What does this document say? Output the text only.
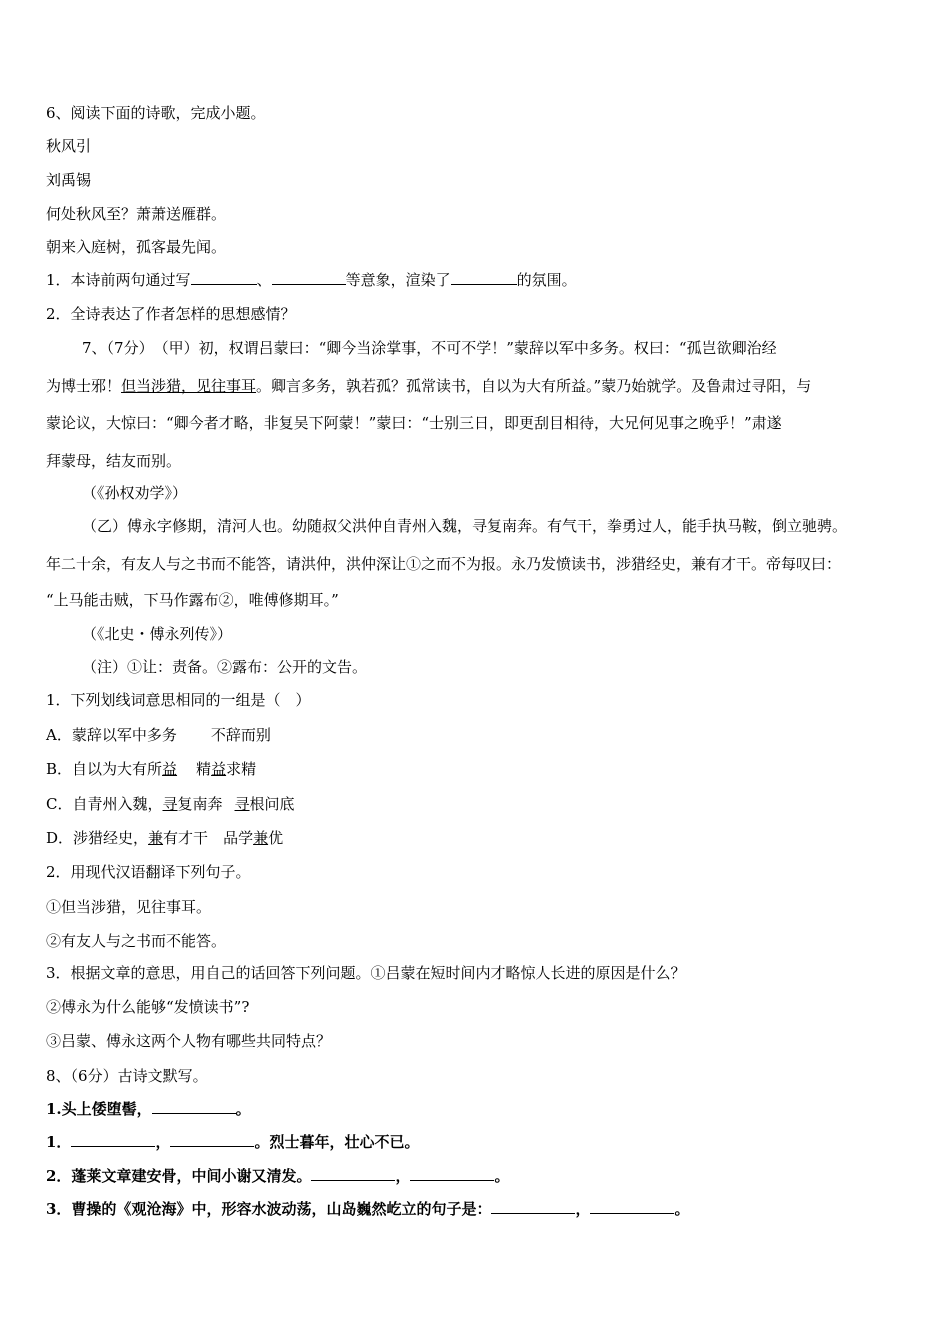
6、阅读下面的诗歌，完成小题。
秋风引
刘禹锡
何处秋风至？萧萧送雁群。
朝来入庭树，孤客最先闻。
1．本诗前两句通过写	、	等意象，渲染了	的氛围。
2．全诗表达了作者怎样的思想感情？
7、（7分）　（甲）初，权谓吕蒙曰：“卿今当涂掌事，不可不学！”蒙辞以军中多务。权曰：“孤岂欲卿治经
为博士邪！但当涉猎，见往事耳。卿言多务，孰若孤？孤常读书，自以为大有所益。”蒙乃始就学。及鲁肃过寻阳，与
蒙论议，大惊曰：“卿今者才略，非复吴下阿蒙！”蒙曰：“士别三日，即更刮目相待，大兄何见事之晚乎！”肃遂
拜蒙母，结友而别。
（《孙权劝学》）
（乙）傅永字修期，清河人也。幼随叔父洪仲自青州入魏，寻复南奔。有气干，拳勇过人，能手执马鞍，倒立驰骋。
年二十余，有友人与之书而不能答，请洪仲，洪仲深让①之而不为报。永乃发愤读书，涉猎经史，兼有才干。帝每叹曰：
“上马能击贼，下马作露布②，唯傅修期耳。”
（《北史・傅永列传》）
（注）①让：责备。②露布：公开的文告。
1．下列划线词意思相同的一组是（　）
A．蒙辞以军中多务 不辞而别
B．自以为大有所益 精益求精
C．自青州入魏，寻复南奔 寻根问底
D．涉猎经史，兼有才干 品学兼优
2．用现代汉语翻译下列句子。
①但当涉猎，见往事耳。
②有友人与之书而不能答。
3．根据文章的意思，用自己的话回答下列问题。①吕蒙在短时间内才略惊人长进的原因是什么？
②傅永为什么能够“发愤读书”?
③吕蒙、傅永这两个人物有哪些共同特点？
8、（6分）古诗文默写。
1.头上倭堕髻，	。
1．	，	。烈士暮年，壮心不已。
2．蓬莱文章建安骨，中间小谢又清发。	，	。
3．曹操的《观沧海》中，形容水波动荡，山岛巍然屹立的句子是：	，	。
